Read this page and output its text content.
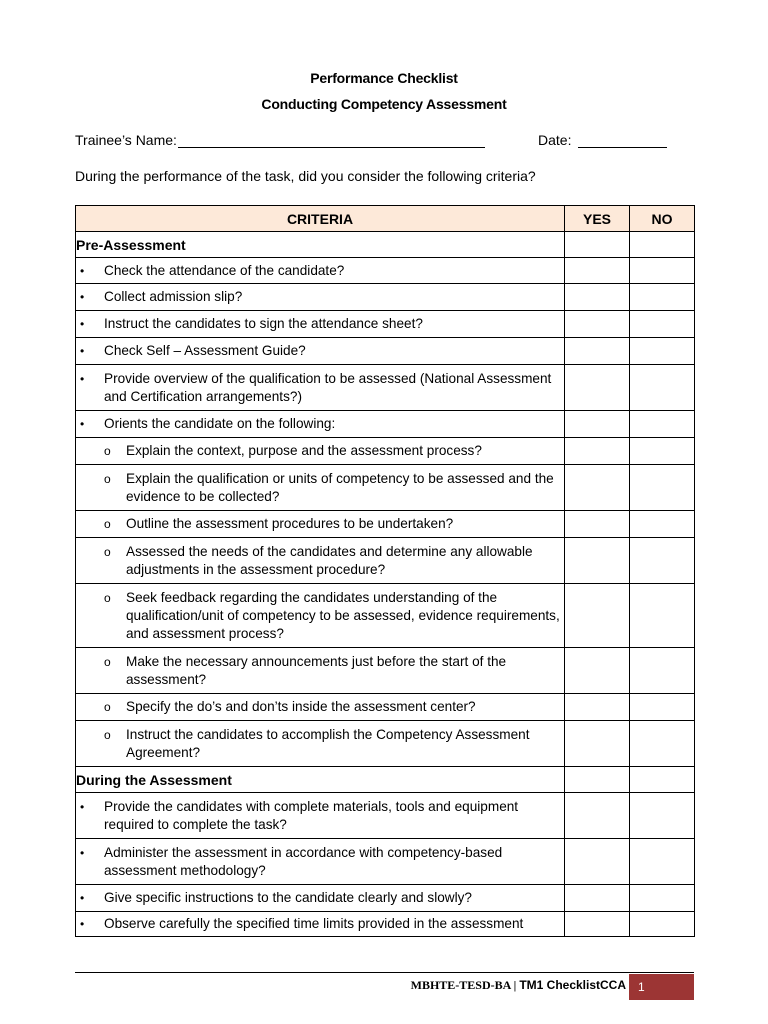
Performance Checklist
Conducting Competency Assessment
Trainee’s Name:	Date:
During the performance of the task, did you consider the following criteria?
CRITERIA	YES	NO
Pre-Assessment		

• Check the attendance of the candidate?		

• Collect admission slip?		

• Instruct the candidates to sign the attendance sheet?		

• Check Self – Assessment Guide?		

• Provide overview of the qualification to be assessed (National Assessment and Certification arrangements?)		

• Orients the candidate on the following:		

o Explain the context, purpose and the assessment process?		

o Explain the qualification or units of competency to be assessed and the evidence to be collected?		

o Outline the assessment procedures to be undertaken?		

o Assessed the needs of the candidates and determine any allowable adjustments in the assessment procedure?		

o Seek feedback regarding the candidates understanding of the qualification/unit of competency to be assessed, evidence requirements, and assessment process?		

o Make the necessary announcements just before the start of the assessment?		

o Specify the do’s and don’ts inside the assessment center?		

o Instruct the candidates to accomplish the Competency Assessment Agreement?		

During the Assessment		

• Provide the candidates with complete materials, tools and equipment required to complete the task?		

• Administer the assessment in accordance with competency-based assessment methodology?		

• Give specific instructions to the candidate clearly and slowly?		

• Observe carefully the specified time limits provided in the assessment		

MBHTE-TESD-BA | TM1 ChecklistCCA	1
